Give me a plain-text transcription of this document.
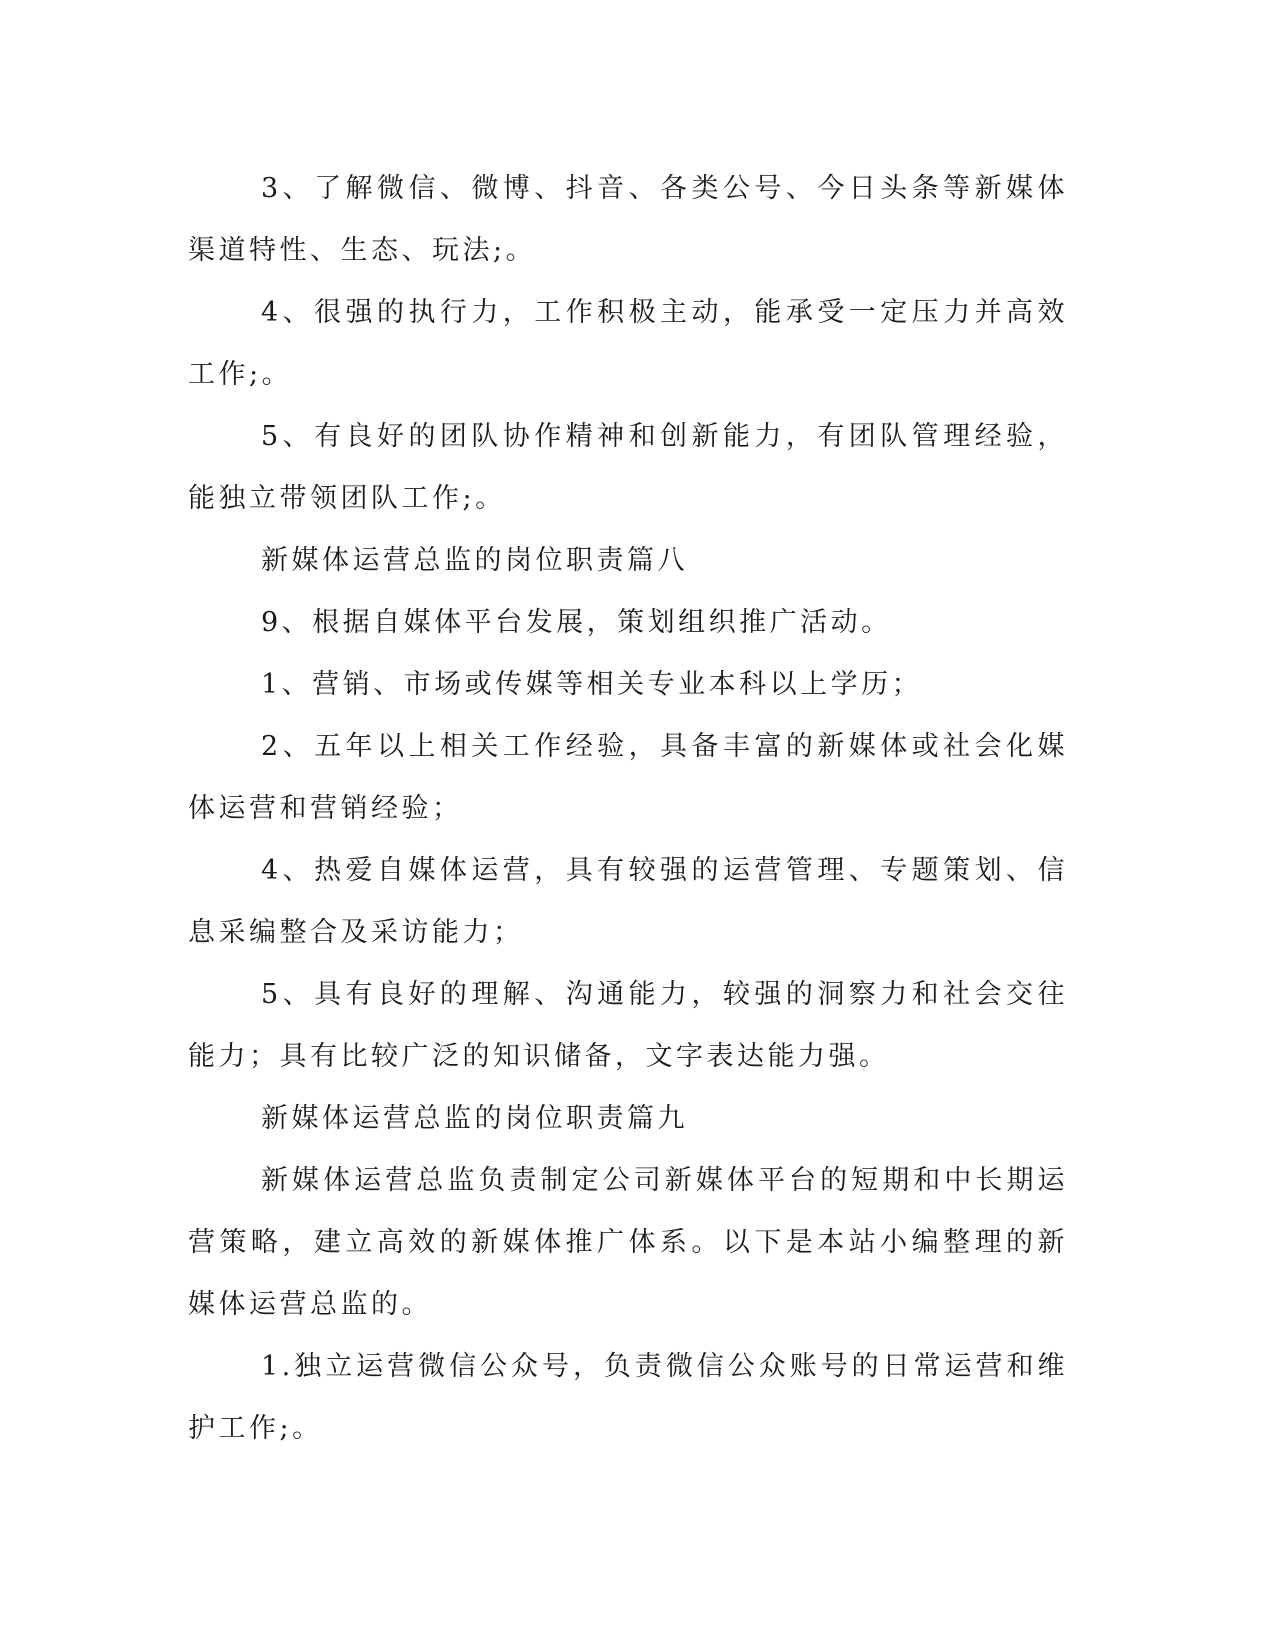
3、了解微信、微博、抖音、各类公号、今日头条等新媒体渠道特性、生态、玩法;。

4、很强的执行力，工作积极主动，能承受一定压力并高效工作;。

5、有良好的团队协作精神和创新能力，有团队管理经验，能独立带领团队工作;。

新媒体运营总监的岗位职责篇八

9、根据自媒体平台发展，策划组织推广活动。

1、营销、市场或传媒等相关专业本科以上学历；

2、五年以上相关工作经验，具备丰富的新媒体或社会化媒体运营和营销经验；

4、热爱自媒体运营，具有较强的运营管理、专题策划、信息采编整合及采访能力；

5、具有良好的理解、沟通能力，较强的洞察力和社会交往能力；具有比较广泛的知识储备，文字表达能力强。

新媒体运营总监的岗位职责篇九

新媒体运营总监负责制定公司新媒体平台的短期和中长期运营策略，建立高效的新媒体推广体系。以下是本站小编整理的新媒体运营总监的。

1.独立运营微信公众号，负责微信公众账号的日常运营和维护工作;。
